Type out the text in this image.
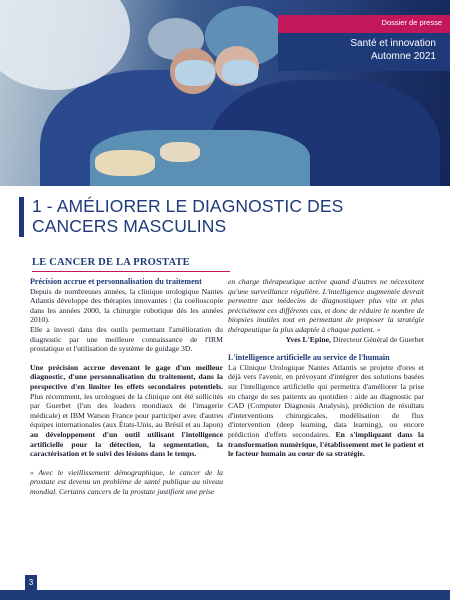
Dossier de presse
Santé et innovation
Automne 2021
1 - AMÉLIORER LE DIAGNOSTIC DES CANCERS MASCULINS
LE CANCER DE LA PROSTATE

Précision accrue et personnalisation du traitement

Depuis de nombreuses années, la clinique urologique Nantes Atlantis développe des thérapies innovantes : (la coelioscopie dans les années 2000, la chirurgie robotique dès les années 2010).

Elle a investi dans des outils permettant l'amélioration du diagnostic par une meilleure connaissance de l'IRM prostatique et l'utilisation de système de guidage 3D.

Une précision accrue devenant le gage d'un meilleur diagnostic, d'une personnalisation du traitement, dans la perspective d'en limiter les effets secondaires potentiels. Plus récemment, les urologues de la clinique ont été sollicités par Guerbet (l'un des leaders mondiaux de l'imagerie médicale) et IBM Watson France pour participer avec d'autres équipes internationales (aux États-Unis, au Brésil et au Japon) au développement d'un outil utilisant l'intelligence artificielle pour la détection, la segmentation, la caractérisation et le suivi des lésions dans le temps.

« Avec le vieillissement démographique, le cancer de la prostate est devenu un problème de santé publique au niveau mondial. Certains cancers de la prostate justifient une prise

en charge thérapeutique active quand d'autres ne nécessitent qu'une surveillance régulière. L'intelligence augmentée devrait permettre aux médecins de diagnostiquer plus vite et plus précisément ces différents cas, et donc de réduire le nombre de biopsies inutiles tout en permettant de proposer la stratégie thérapeutique la plus adaptée à chaque patient. »

Yves L'Epine, Directeur Général de Guerbet

L'intelligence artificielle au service de l'humain

La Clinique Urologique Nantes Atlantis se projette d'ores et déjà vers l'avenir, en prévoyant d'intégrer des solutions basées sur l'intelligence artificielle qui permettra d'améliorer la prise en charge de ses patients au quotidien : aide au diagnostic par CAD (Computer Diagnosis Analysis), prédiction de résultats d'interventions chirurgicales, modélisation de flux d'intervention (deep learning, data learning), ou encore prédiction d'effets secondaires. En s'impliquant dans la transformation numérique, l'établissement met le patient et le facteur humain au cœur de sa stratégie.

3
